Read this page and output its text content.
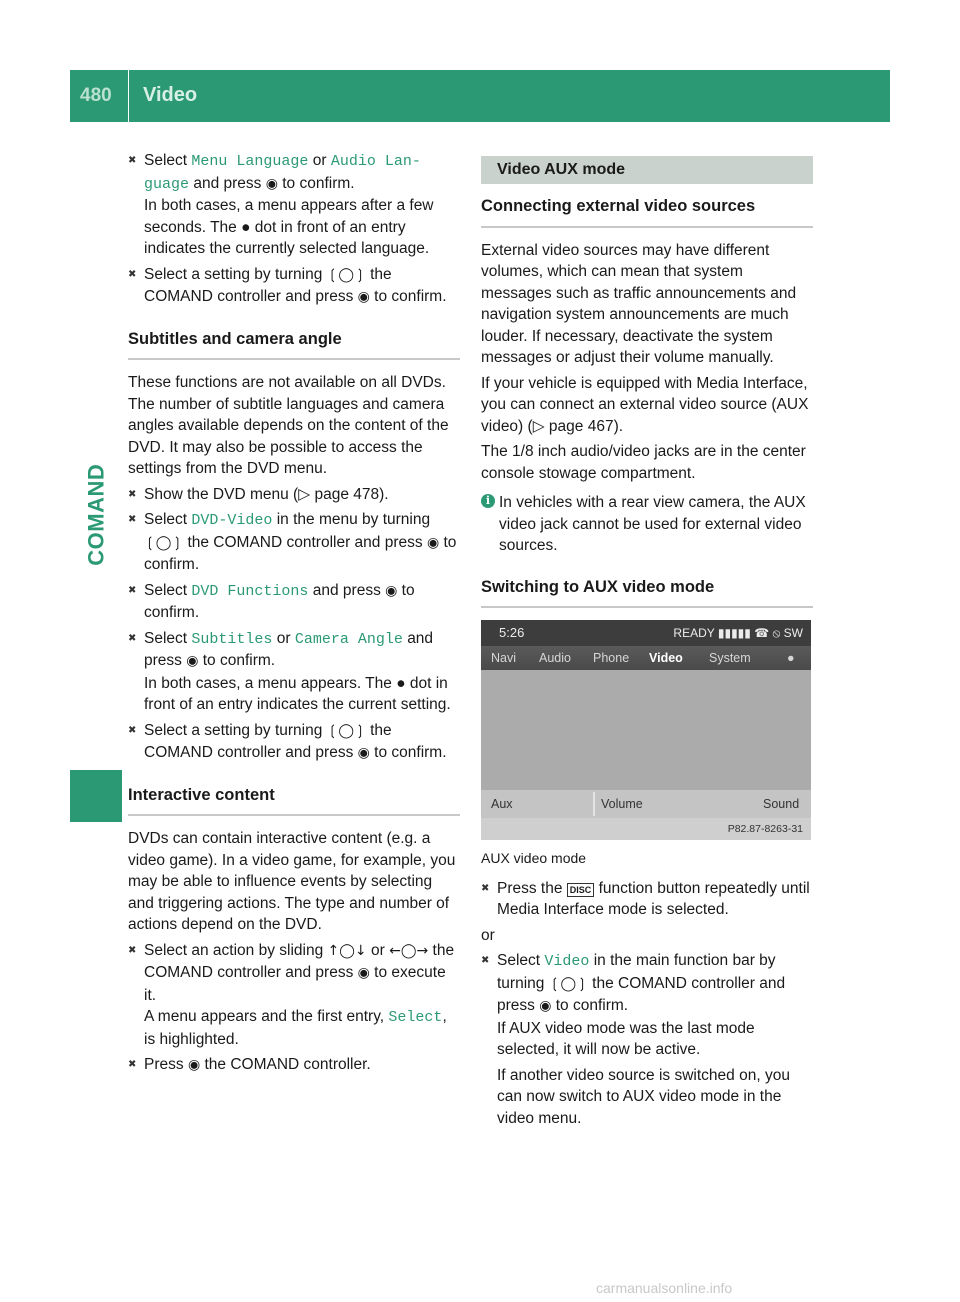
480	Video
COMAND
✖ Select Menu Language or Audio Lan‐ guage and press ◉ to confirm.
In both cases, a menu appears after a few seconds. The ● dot in front of an entry indicates the currently selected language.
✖ Select a setting by turning ❲◯❳ the COMAND controller and press ◉ to confirm.
Subtitles and camera angle

These functions are not available on all DVDs. The number of subtitle languages and camera angles available depends on the content of the DVD. It may also be possible to access the settings from the DVD menu.

✖ Show the DVD menu (▷ page 478).
✖ Select DVD-Video in the menu by turning ❲◯❳ the COMAND controller and press ◉ to confirm.
✖ Select DVD Functions and press ◉ to confirm.
✖ Select Subtitles or Camera Angle and press ◉ to confirm.
In both cases, a menu appears. The ● dot in front of an entry indicates the current setting.
✖ Select a setting by turning ❲◯❳ the COMAND controller and press ◉ to confirm.
Interactive content

DVDs can contain interactive content (e.g. a video game). In a video game, for example, you may be able to influence events by selecting and triggering actions. The type and number of actions depend on the DVD.

✖ Select an action by sliding ↑◯↓ or ←◯→ the COMAND controller and press ◉ to execute it.
A menu appears and the first entry, Select, is highlighted.
✖ Press ◉ the COMAND controller.
Video AUX mode
Connecting external video sources

External video sources may have different volumes, which can mean that system messages such as traffic announcements and navigation system announcements are much louder. If necessary, deactivate the system messages or adjust their volume manually.

If your vehicle is equipped with Media Interface, you can connect an external video source (AUX video) (▷ page 467).

The 1/8 inch audio/video jacks are in the center console stowage compartment.

i In vehicles with a rear view camera, the AUX video jack cannot be used for external video sources.
Switching to AUX video mode
5:26	READY ▮▮▮▮▮ ☎ ⦸ SW
Navi Audio Phone Video System	●
Aux	Volume	Sound
P82.87-8263-31
AUX video mode
✖ Press the DISC function button repeatedly until Media Interface mode is selected.
or
✖ Select Video in the main function bar by turning ❲◯❳ the COMAND controller and press ◉ to confirm.
If AUX video mode was the last mode selected, it will now be active.
If another video source is switched on, you can now switch to AUX video mode in the video menu.
carmanualsonline.info
